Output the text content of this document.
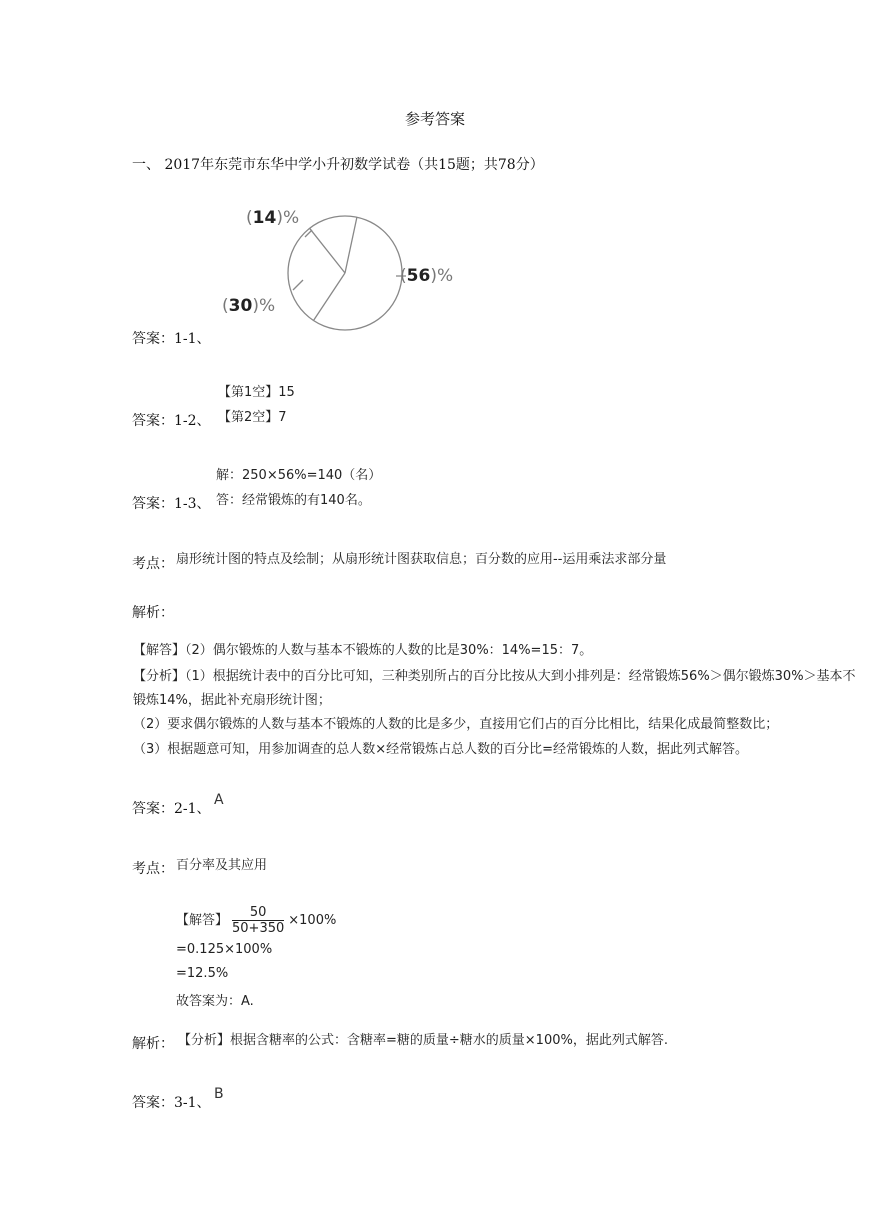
参考答案
一、 2017年东莞市东华中学小升初数学试卷（共15题；共78分）
(14)%
(56)%
(30)%
答案：1-1、
【第1空】15
答案：1-2、 【第2空】7
解：250×56%=140（名）
答案：1-3、 答：经常锻炼的有140名。
考点： 扇形统计图的特点及绘制；从扇形统计图获取信息；百分数的应用--运用乘法求部分量
解析：
【解答】（2）偶尔锻炼的人数与基本不锻炼的人数的比是30%：14%=15：7。
【分析】（1）根据统计表中的百分比可知，三种类别所占的百分比按从大到小排列是：经常锻炼56%＞偶尔锻炼30%＞基本不
锻炼14%，据此补充扇形统计图；
（2）要求偶尔锻炼的人数与基本不锻炼的人数的比是多少，直接用它们占的百分比相比，结果化成最简整数比；
（3）根据题意可知，用参加调查的总人数×经常锻炼占总人数的百分比=经常锻炼的人数，据此列式解答。
答案：2-1、
A
考点： 百分率及其应用
【解答】 $\frac{50}{50+350} \times 100\%$
=0.125×100%
=12.5%
故答案为：A.
解析： 【分析】根据含糖率的公式：含糖率=糖的质量÷糖水的质量×100%，据此列式解答.
答案：3-1、
B
